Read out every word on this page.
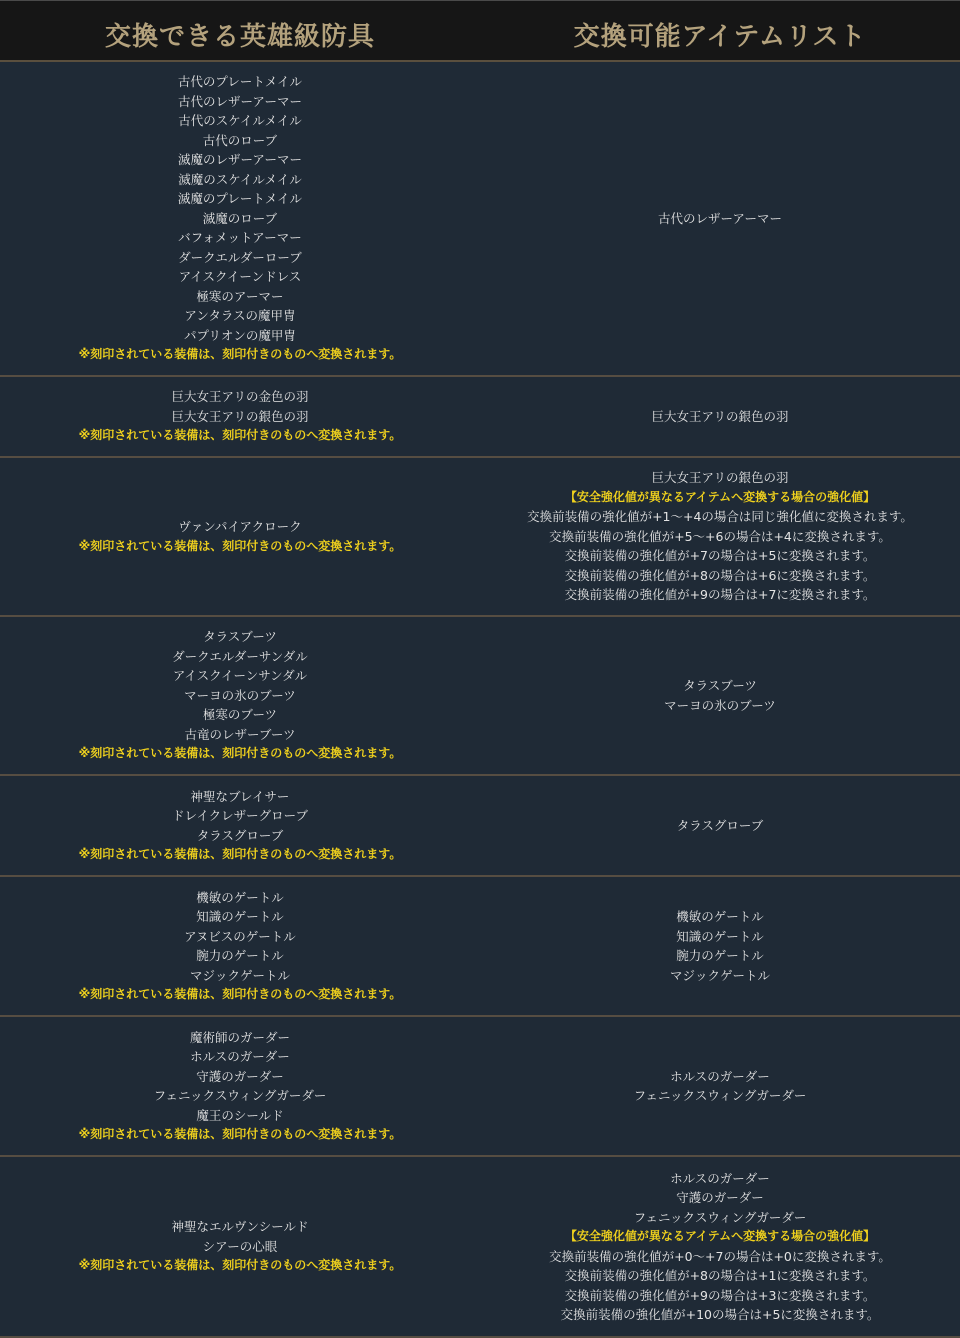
交換できる英雄級防具	交換可能アイテムリスト
古代のプレートメイル
古代のレザーアーマー
古代のスケイルメイル
古代のローブ
滅魔のレザーアーマー
滅魔のスケイルメイル
滅魔のプレートメイル
滅魔のローブ
バフォメットアーマー
ダークエルダーローブ
アイスクイーンドレス
極寒のアーマー
アンタラスの魔甲冑
パプリオンの魔甲冑
※刻印されている装備は、刻印付きのものへ変換されます。
古代のレザーアーマー
巨大女王アリの金色の羽
巨大女王アリの銀色の羽
※刻印されている装備は、刻印付きのものへ変換されます。
巨大女王アリの銀色の羽
ヴァンパイアクローク
※刻印されている装備は、刻印付きのものへ変換されます。
巨大女王アリの銀色の羽
【安全強化値が異なるアイテムへ変換する場合の強化値】
交換前装備の強化値が+1～+4の場合は同じ強化値に変換されます。
交換前装備の強化値が+5～+6の場合は+4に変換されます。
交換前装備の強化値が+7の場合は+5に変換されます。
交換前装備の強化値が+8の場合は+6に変換されます。
交換前装備の強化値が+9の場合は+7に変換されます。
タラスブーツ
ダークエルダーサンダル
アイスクイーンサンダル
マーヨの氷のブーツ
極寒のブーツ
古竜のレザーブーツ
※刻印されている装備は、刻印付きのものへ変換されます。
タラスブーツ
マーヨの氷のブーツ
神聖なブレイサー
ドレイクレザーグローブ
タラスグローブ
※刻印されている装備は、刻印付きのものへ変換されます。
タラスグローブ
機敏のゲートル
知識のゲートル
アヌビスのゲートル
腕力のゲートル
マジックゲートル
※刻印されている装備は、刻印付きのものへ変換されます。
機敏のゲートル
知識のゲートル
腕力のゲートル
マジックゲートル
魔術師のガーダー
ホルスのガーダー
守護のガーダー
フェニックスウィングガーダー
魔王のシールド
※刻印されている装備は、刻印付きのものへ変換されます。
ホルスのガーダー
フェニックスウィングガーダー
神聖なエルヴンシールド
シアーの心眼
※刻印されている装備は、刻印付きのものへ変換されます。
ホルスのガーダー
守護のガーダー
フェニックスウィングガーダー
【安全強化値が異なるアイテムへ変換する場合の強化値】
交換前装備の強化値が+0～+7の場合は+0に変換されます。
交換前装備の強化値が+8の場合は+1に変換されます。
交換前装備の強化値が+9の場合は+3に変換されます。
交換前装備の強化値が+10の場合は+5に変換されます。
